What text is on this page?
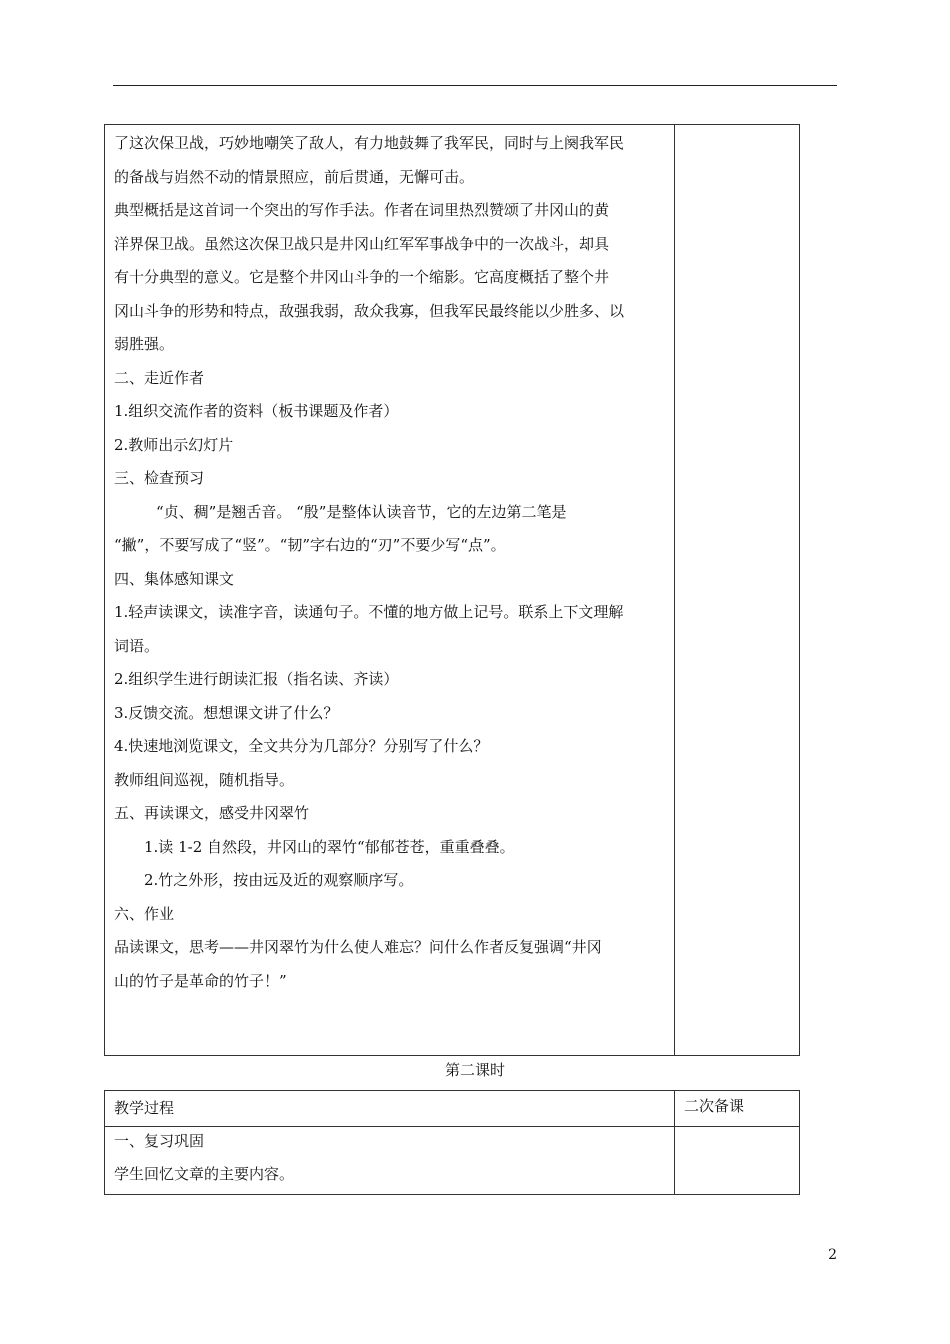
了这次保卫战，巧妙地嘲笑了敌人，有力地鼓舞了我军民，同时与上阕我军民
的备战与岿然不动的情景照应，前后贯通，无懈可击。
典型概括是这首词一个突出的写作手法。作者在词里热烈赞颂了井冈山的黄
洋界保卫战。虽然这次保卫战只是井冈山红军军事战争中的一次战斗，却具
有十分典型的意义。它是整个井冈山斗争的一个缩影。它高度概括了整个井
冈山斗争的形势和特点，敌强我弱，敌众我寡，但我军民最终能以少胜多、以
弱胜强。
二、走近作者
1.组织交流作者的资料（板书课题及作者）
2.教师出示幻灯片
三、检查预习
“贞、稠”是翘舌音。 “殷”是整体认读音节，它的左边第二笔是
“撇”，不要写成了“竖”。“韧”字右边的“刃”不要少写“点”。
四、集体感知课文
1.轻声读课文，读准字音，读通句子。不懂的地方做上记号。联系上下文理解
词语。
2.组织学生进行朗读汇报（指名读、齐读）
3.反馈交流。想想课文讲了什么？
4.快速地浏览课文，全文共分为几部分？分别写了什么？
教师组间巡视，随机指导。
五、再读课文，感受井冈翠竹
1.读 1-2 自然段，井冈山的翠竹“郁郁苍苍，重重叠叠。
2.竹之外形，按由远及近的观察顺序写。
六、作业
品读课文，思考——井冈翠竹为什么使人难忘？问什么作者反复强调“井冈
山的竹子是革命的竹子！”
第二课时
教学过程	二次备课
一、复习巩固
学生回忆文章的主要内容。
2
